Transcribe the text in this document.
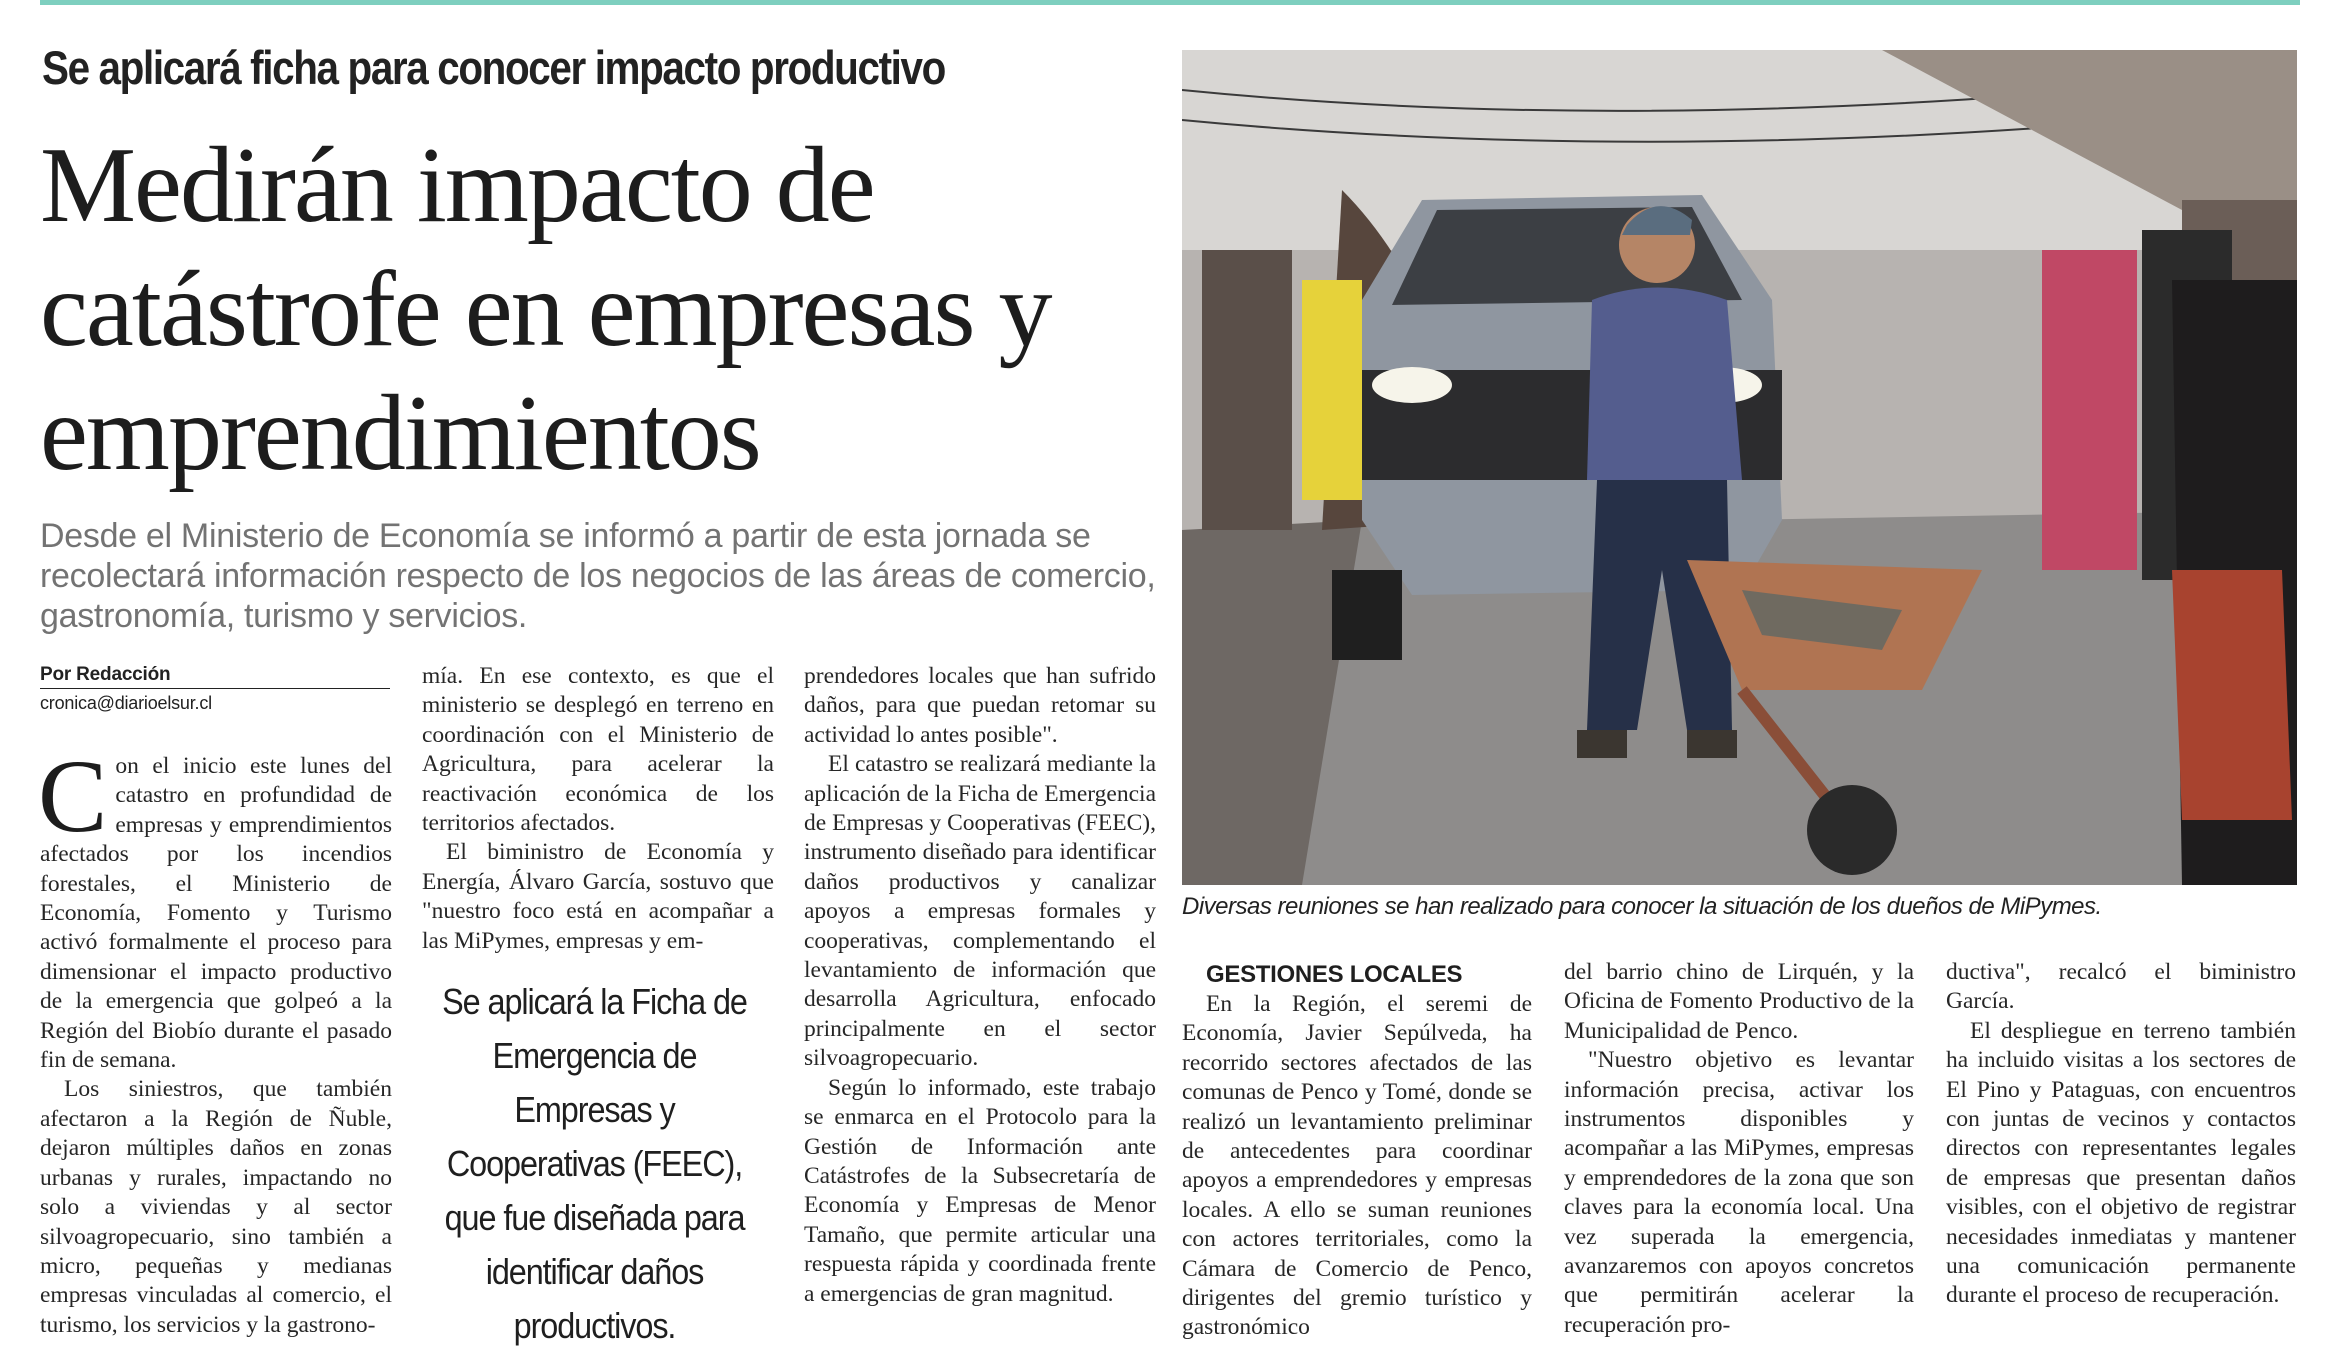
Se aplicará ficha para conocer impacto productivo
Medirán impacto de catástrofe en empresas y emprendimientos
Desde el Ministerio de Economía se informó a partir de esta jornada se recolectará información respecto de los negocios de las áreas de comercio, gastronomía, turismo y servicios.
Por Redacción
cronica@diarioelsur.cl

Con el inicio este lunes del catastro en profundidad de empresas y emprendimientos afectados por los incendios forestales, el Ministerio de Economía, Fomento y Turismo activó formalmente el proceso para dimensionar el impacto productivo de la emergencia que golpeó a la Región del Biobío durante el pasado fin de semana.

Los siniestros, que también afectaron a la Región de Ñuble, dejaron múltiples daños en zonas urbanas y rurales, impactando no solo a viviendas y al sector silvoagropecuario, sino también a micro, pequeñas y medianas empresas vinculadas al comercio, el turismo, los servicios y la gastrono-

mía. En ese contexto, es que el ministerio se desplegó en terreno en coordinación con el Ministerio de Agricultura, para acelerar la reactivación económica de los territorios afectados.

El biministro de Economía y Energía, Álvaro García, sostuvo que "nuestro foco está en acompañar a las MiPymes, empresas y em-

Se aplicará la Ficha de Emergencia de Empresas y Cooperativas (FEEC), que fue diseñada para identificar daños productivos.

prendedores locales que han sufrido daños, para que puedan retomar su actividad lo antes posible".

El catastro se realizará mediante la aplicación de la Ficha de Emergencia de Empresas y Cooperativas (FEEC), instrumento diseñado para identificar daños productivos y canalizar apoyos a empresas formales y cooperativas, complementando el levantamiento de información que desarrolla Agricultura, enfocado principalmente en el sector silvoagropecuario.

Según lo informado, este trabajo se enmarca en el Protocolo para la Gestión de Información ante Catástrofes de la Subsecretaría de Economía y Empresas de Menor Tamaño, que permite articular una respuesta rápida y coordinada frente a emergencias de gran magnitud.

Diversas reuniones se han realizado para conocer la situación de los dueños de MiPymes.

GESTIONES LOCALES

En la Región, el seremi de Economía, Javier Sepúlveda, ha recorrido sectores afectados de las comunas de Penco y Tomé, donde se realizó un levantamiento preliminar de antecedentes para coordinar apoyos a emprendedores y empresas locales. A ello se suman reuniones con actores territoriales, como la Cámara de Comercio de Penco, dirigentes del gremio turístico y gastronómico

del barrio chino de Lirquén, y la Oficina de Fomento Productivo de la Municipalidad de Penco.

"Nuestro objetivo es levantar información precisa, activar los instrumentos disponibles y acompañar a las MiPymes, empresas y emprendedores de la zona que son claves para la economía local. Una vez superada la emergencia, avanzaremos con apoyos concretos que permitirán acelerar la recuperación pro-

ductiva", recalcó el biministro García.

El despliegue en terreno también ha incluido visitas a los sectores de El Pino y Pataguas, con encuentros con juntas de vecinos y contactos directos con representantes legales de empresas que presentan daños visibles, con el objetivo de registrar necesidades inmediatas y mantener una comunicación permanente durante el proceso de recuperación.
